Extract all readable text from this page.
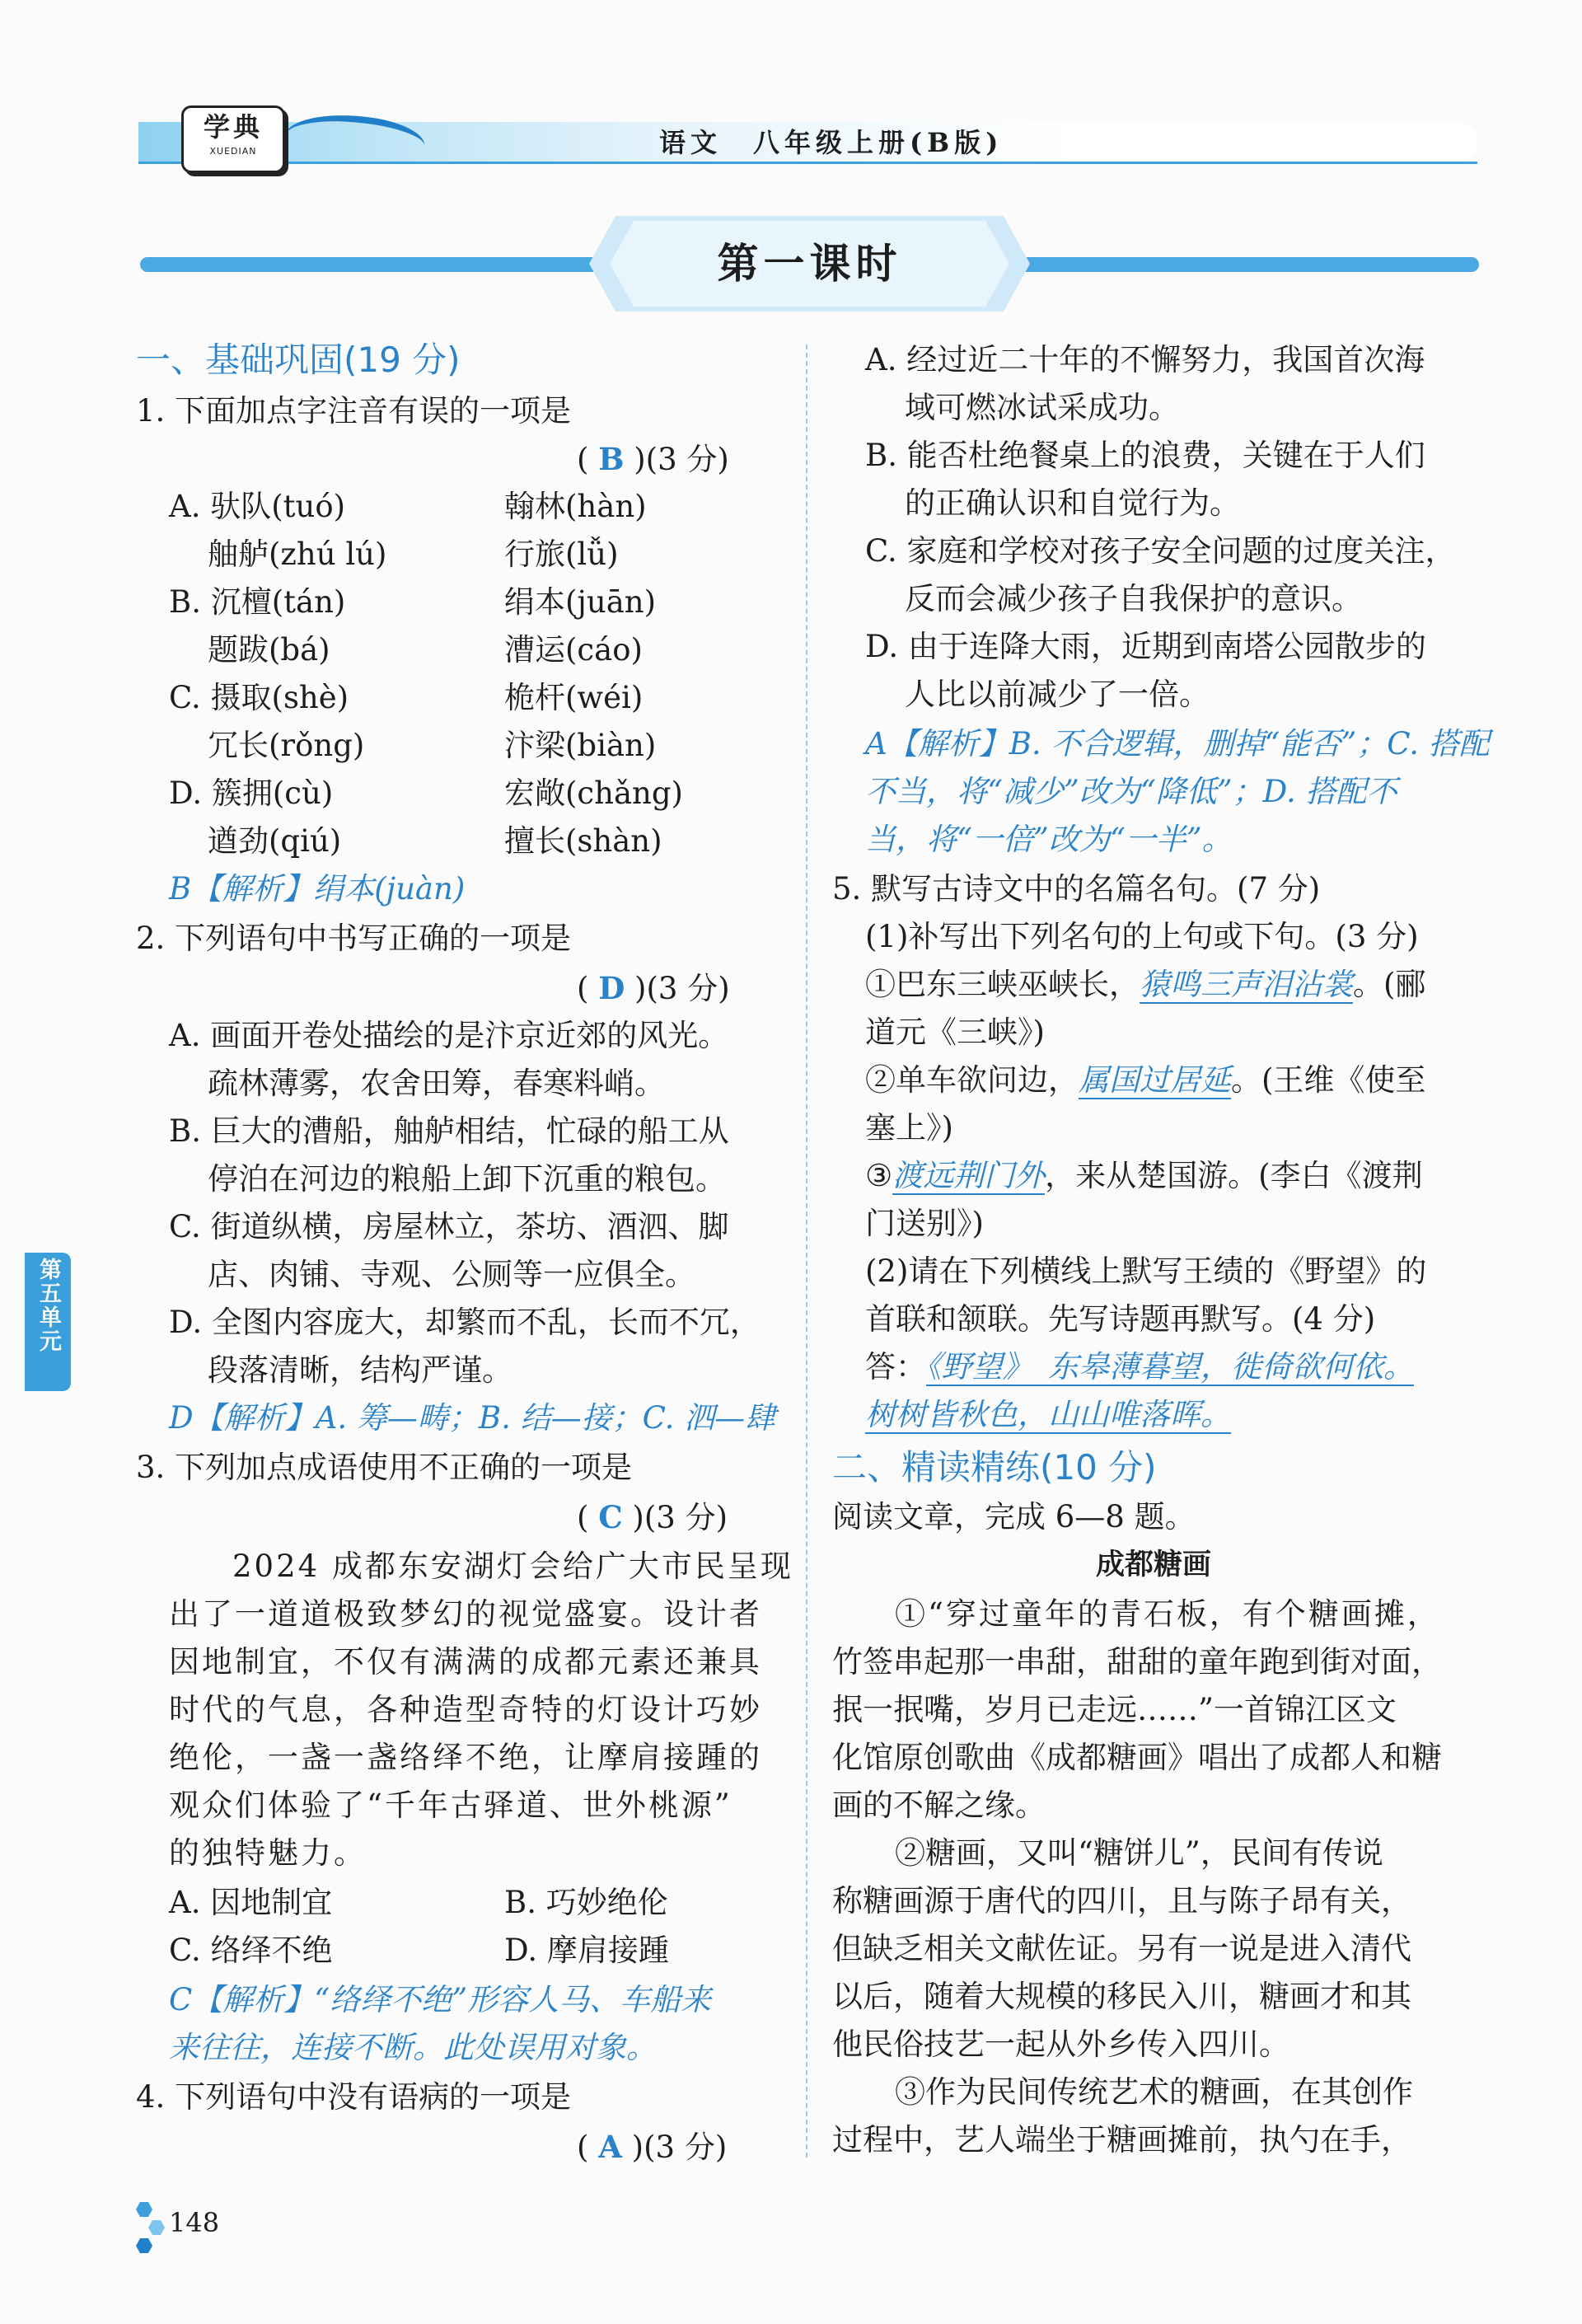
学典
XUEDIAN	语文　八年级上册(B版)
第一课时
一、基础巩固(19 分)
1. 下面加点字注音有误的一项是
( B )(3 分)
A. 驮队(tuó)	翰林(hàn)
舳舻(zhú lú)	行旅(lǚ)
B. 沉檀(tán)	绢本(juān)
题跋(bá)	漕运(cáo)
C. 摄取(shè)	桅杆(wéi)
冗长(rǒng)	汴梁(biàn)
D. 簇拥(cù)	宏敞(chǎng)
遒劲(qiú)	擅长(shàn)
B【解析】绢本(juàn)
2. 下列语句中书写正确的一项是
( D )(3 分)
A. 画面开卷处描绘的是汴京近郊的风光。
疏林薄雾，农舍田筹，春寒料峭。
B. 巨大的漕船，舳舻相结，忙碌的船工从
停泊在河边的粮船上卸下沉重的粮包。
C. 街道纵横，房屋林立，茶坊、酒泗、脚
店、肉铺、寺观、公厕等一应俱全。
D. 全图内容庞大，却繁而不乱，长而不冗，
段落清晰，结构严谨。
D【解析】A. 筹—畴；B. 结—接；C. 泗—肆
3. 下列加点成语使用不正确的一项是
( C )(3 分)
2024 成都东安湖灯会给广大市民呈现
出了一道道极致梦幻的视觉盛宴。设计者
因地制宜，不仅有满满的成都元素还兼具
时代的气息，各种造型奇特的灯设计巧妙
绝伦，一盏一盏络绎不绝，让摩肩接踵的
观众们体验了“千年古驿道、世外桃源”
的独特魅力。
A. 因地制宜	B. 巧妙绝伦
C. 络绎不绝	D. 摩肩接踵
C【解析】“络绎不绝”形容人马、车船来
来往往，连接不断。此处误用对象。
4. 下列语句中没有语病的一项是
( A )(3 分)
A. 经过近二十年的不懈努力，我国首次海
域可燃冰试采成功。
B. 能否杜绝餐桌上的浪费，关键在于人们
的正确认识和自觉行为。
C. 家庭和学校对孩子安全问题的过度关注，
反而会减少孩子自我保护的意识。
D. 由于连降大雨，近期到南塔公园散步的
人比以前减少了一倍。
A【解析】B. 不合逻辑，删掉“能否”；C. 搭配
不当，将“减少”改为“降低”；D. 搭配不
当，将“一倍”改为“一半”。
5. 默写古诗文中的名篇名句。(7 分)
(1)补写出下列名句的上句或下句。(3 分)
①巴东三峡巫峡长，猿鸣三声泪沾裳。(郦
道元《三峡》)
②单车欲问边，属国过居延。(王维《使至
塞上》)
③渡远荆门外，来从楚国游。(李白《渡荆
门送别》)
(2)请在下列横线上默写王绩的《野望》的
首联和颔联。先写诗题再默写。(4 分)
答：《野望》　东皋薄暮望，徙倚欲何依。
树树皆秋色，山山唯落晖。
二、精读精练(10 分)
阅读文章，完成 6—8 题。
成都糖画
①“穿过童年的青石板，有个糖画摊，
竹签串起那一串甜，甜甜的童年跑到街对面，
抿一抿嘴，岁月已走远……”一首锦江区文
化馆原创歌曲《成都糖画》唱出了成都人和糖
画的不解之缘。
②糖画，又叫“糖饼儿”，民间有传说
称糖画源于唐代的四川，且与陈子昂有关，
但缺乏相关文献佐证。另有一说是进入清代
以后，随着大规模的移民入川，糖画才和其
他民俗技艺一起从外乡传入四川。
③作为民间传统艺术的糖画，在其创作
过程中，艺人端坐于糖画摊前，执勺在手，
第五单元
148
